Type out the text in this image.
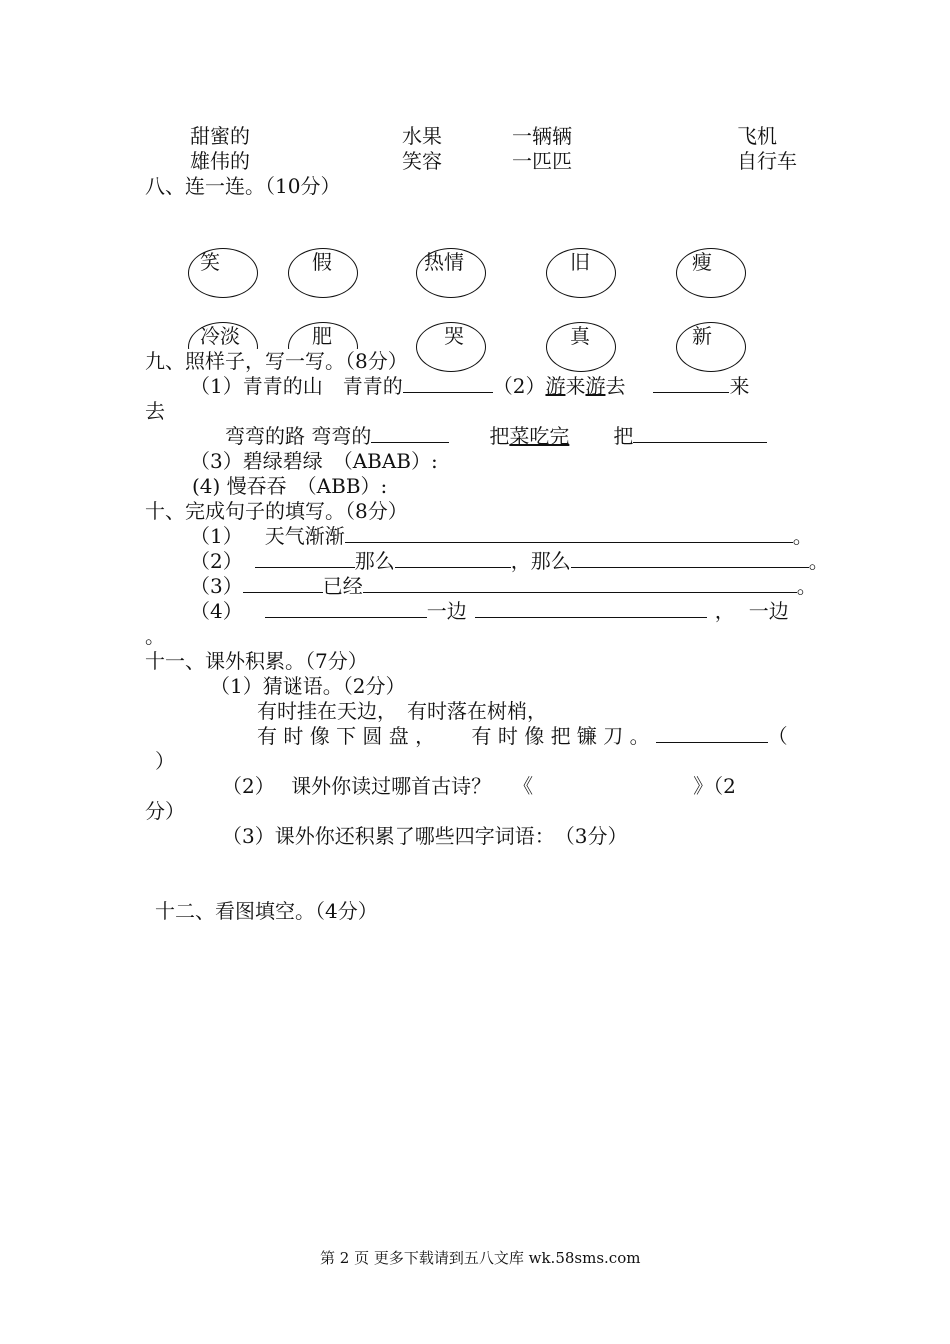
甜蜜的	水果	一辆辆	飞机
雄伟的	笑容	一匹匹	自行车
八、连一连。（10分）
笑	假	热情	旧	瘦
冷淡	肥	哭	真	新
九、照样子，写一写。（8分）
（1）青青的山　青青的	（2）游来游去	来
去
弯弯的路 弯弯的	把菜吃完 把
（3）碧绿碧绿　（ABAB）:
(4) 慢吞吞　（ABB）:
十、完成句子的填写。（8分）
（1） 天气渐渐	。
（2）	那么	，那么	。
（3）	已经	。
（4）	一边	， 一边
。
十一、课外积累。（7分）
（1）猜谜语。（2分）
有时挂在天边，　有时落在树梢，
有 时 像 下 圆 盘 ，　　 有 时 像 把 镰 刀 。	（
）
（2）　 课外你读过哪首古诗？ 《	》（2
分）
（3）课外你还积累了哪些四字词语：　（3分）
十二、看图填空。（4分）
第 2 页 更多下载请到五八文库 wk.58sms.com
